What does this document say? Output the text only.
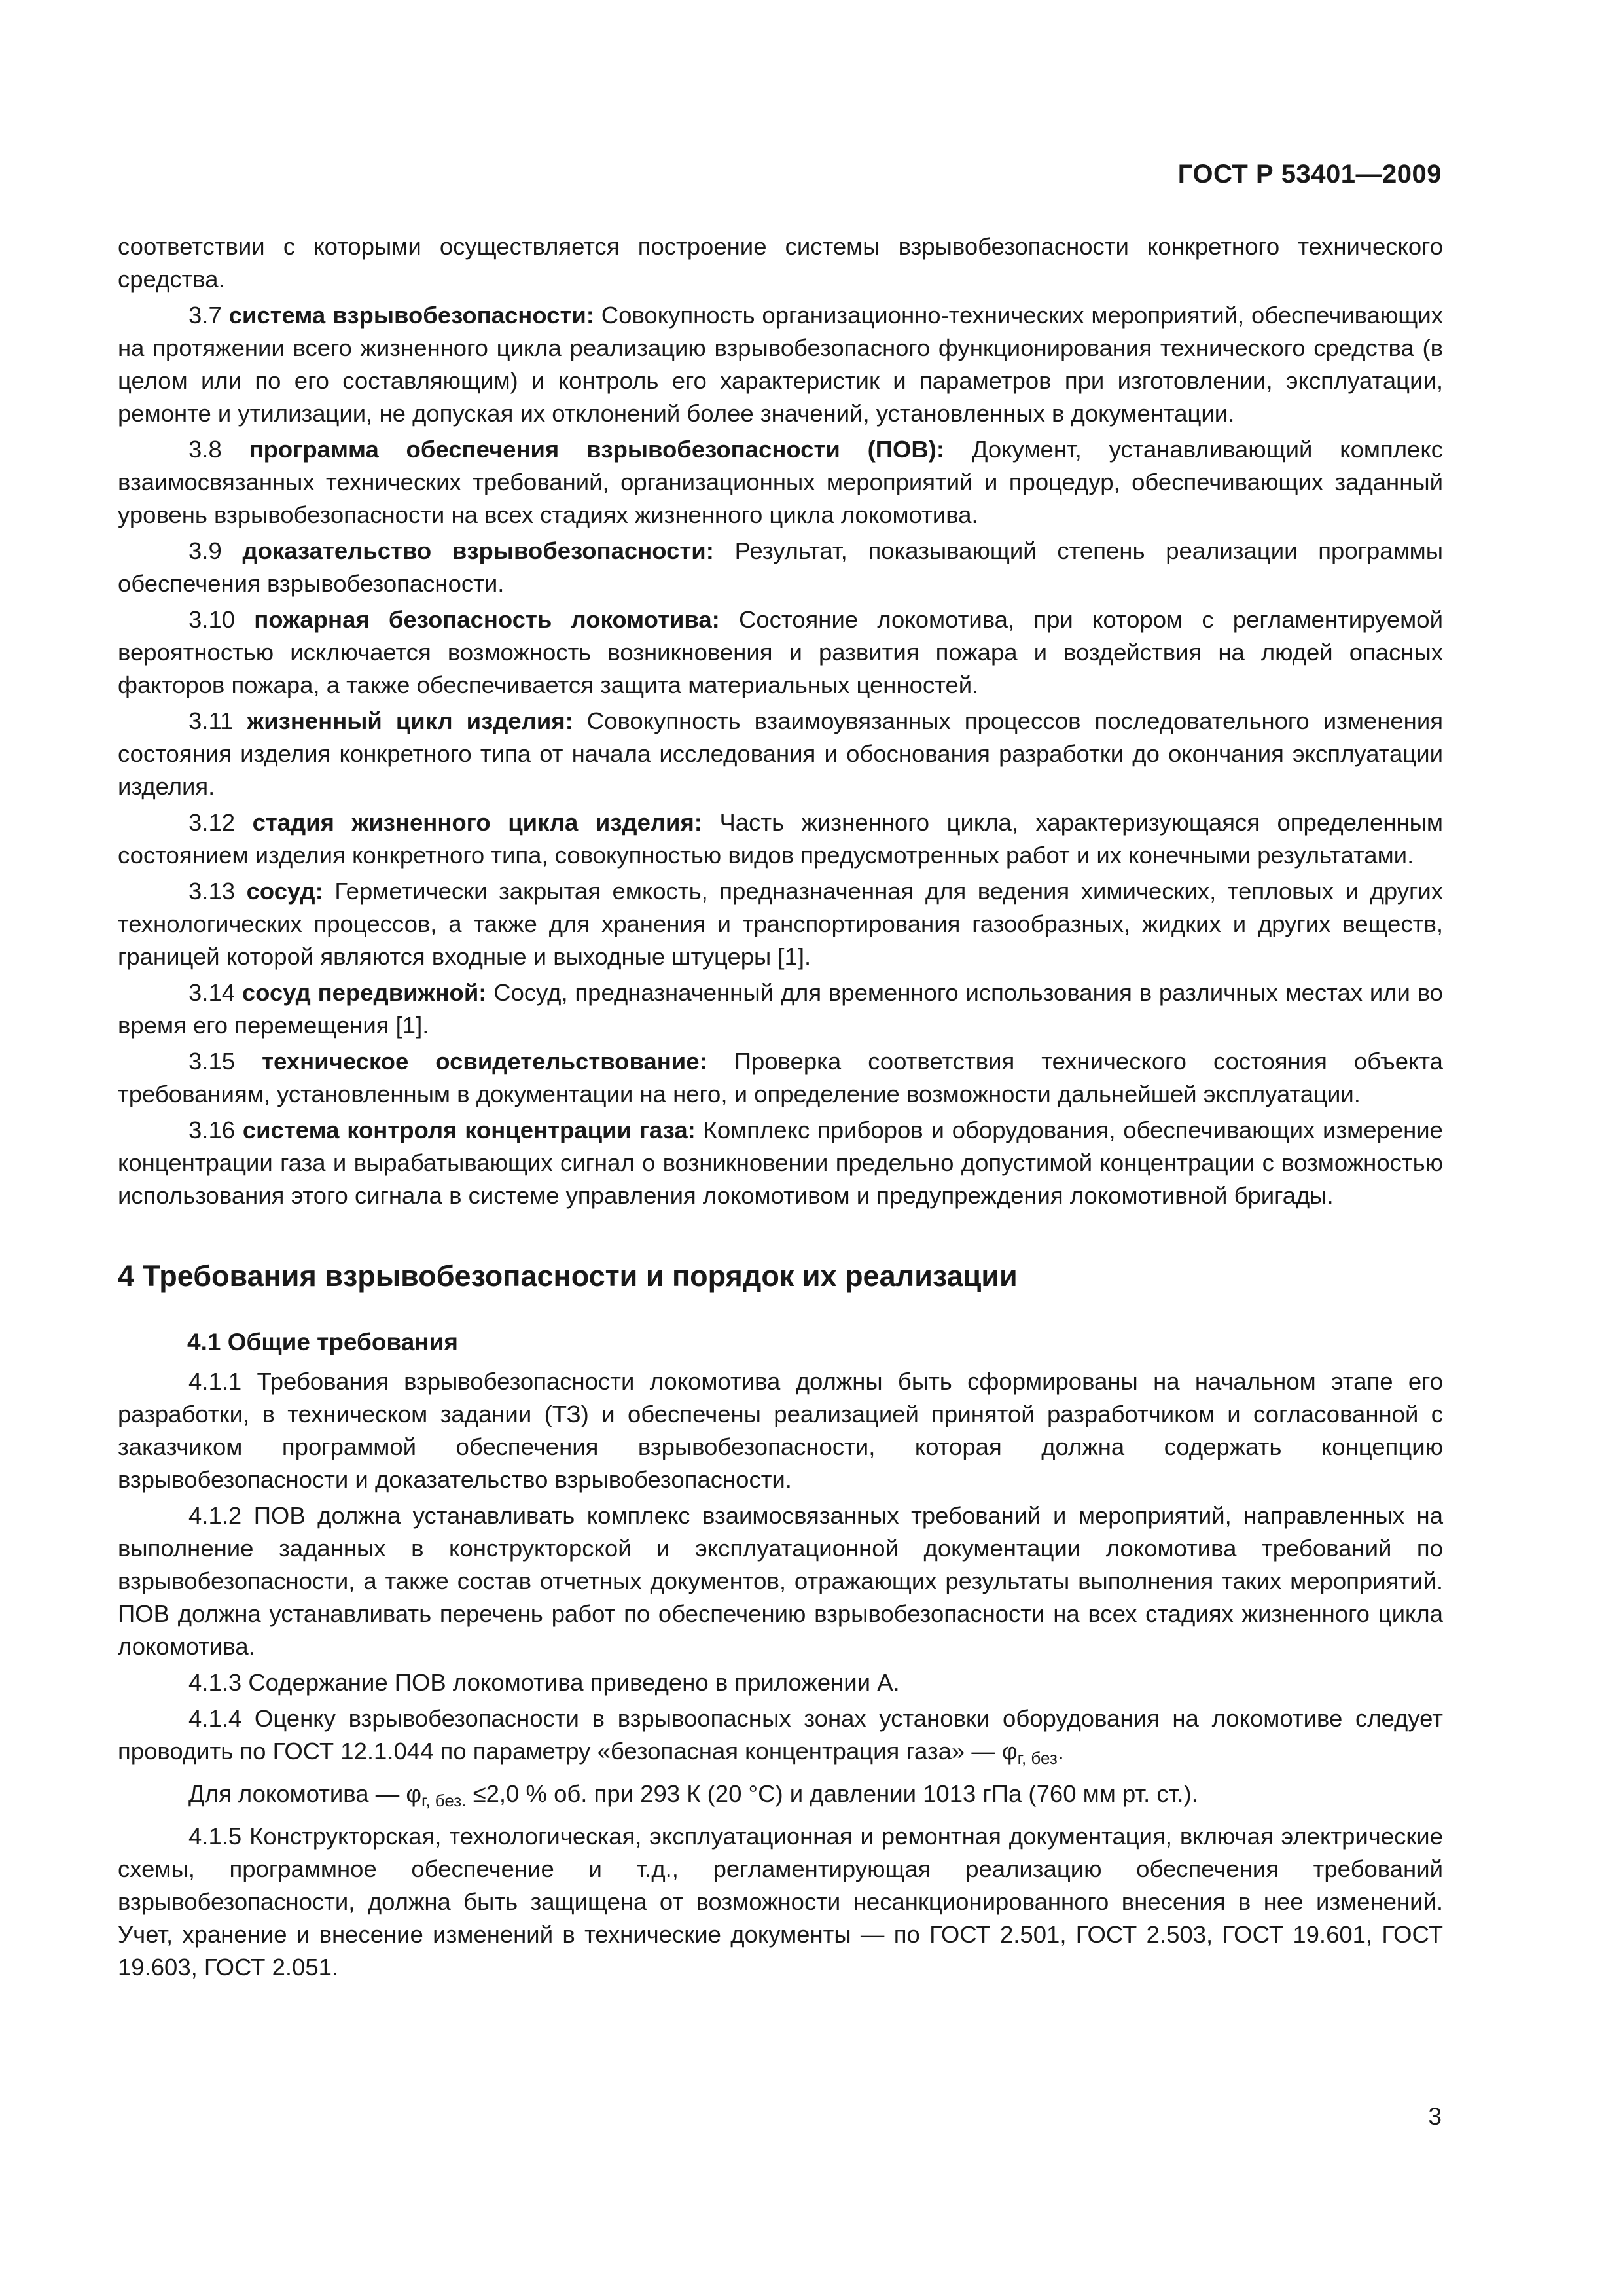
ГОСТ Р 53401—2009

соответствии с которыми осуществляется построение системы взрывобезопасности конкретного технического средства.

3.7 система взрывобезопасности: Совокупность организационно-технических мероприятий, обеспечивающих на протяжении всего жизненного цикла реализацию взрывобезопасного функционирования технического средства (в целом или по его составляющим) и контроль его характеристик и параметров при изготовлении, эксплуатации, ремонте и утилизации, не допуская их отклонений более значений, установленных в документации.

3.8 программа обеспечения взрывобезопасности (ПОВ): Документ, устанавливающий комплекс взаимосвязанных технических требований, организационных мероприятий и процедур, обеспечивающих заданный уровень взрывобезопасности на всех стадиях жизненного цикла локомотива.

3.9 доказательство взрывобезопасности: Результат, показывающий степень реализации программы обеспечения взрывобезопасности.

3.10 пожарная безопасность локомотива: Состояние локомотива, при котором с регламентируемой вероятностью исключается возможность возникновения и развития пожара и воздействия на людей опасных факторов пожара, а также обеспечивается защита материальных ценностей.

3.11 жизненный цикл изделия: Совокупность взаимоувязанных процессов последовательного изменения состояния изделия конкретного типа от начала исследования и обоснования разработки до окончания эксплуатации изделия.

3.12 стадия жизненного цикла изделия: Часть жизненного цикла, характеризующаяся определенным состоянием изделия конкретного типа, совокупностью видов предусмотренных работ и их конечными результатами.

3.13 сосуд: Герметически закрытая емкость, предназначенная для ведения химических, тепловых и других технологических процессов, а также для хранения и транспортирования газообразных, жидких и других веществ, границей которой являются входные и выходные штуцеры [1].

3.14 сосуд передвижной: Сосуд, предназначенный для временного использования в различных местах или во время его перемещения [1].

3.15 техническое освидетельствование: Проверка соответствия технического состояния объекта требованиям, установленным в документации на него, и определение возможности дальнейшей эксплуатации.

3.16 система контроля концентрации газа: Комплекс приборов и оборудования, обеспечивающих измерение концентрации газа и вырабатывающих сигнал о возникновении предельно допустимой концентрации с возможностью использования этого сигнала в системе управления локомотивом и предупреждения локомотивной бригады.

4 Требования взрывобезопасности и порядок их реализации
4.1 Общие требования

4.1.1 Требования взрывобезопасности локомотива должны быть сформированы на начальном этапе его разработки, в техническом задании (ТЗ) и обеспечены реализацией принятой разработчиком и согласованной с заказчиком программой обеспечения взрывобезопасности, которая должна содержать концепцию взрывобезопасности и доказательство взрывобезопасности.

4.1.2 ПОВ должна устанавливать комплекс взаимосвязанных требований и мероприятий, направленных на выполнение заданных в конструкторской и эксплуатационной документации локомотива требований по взрывобезопасности, а также состав отчетных документов, отражающих результаты выполнения таких мероприятий. ПОВ должна устанавливать перечень работ по обеспечению взрывобезопасности на всех стадиях жизненного цикла локомотива.

4.1.3 Содержание ПОВ локомотива приведено в приложении А.

4.1.4 Оценку взрывобезопасности в взрывоопасных зонах установки оборудования на локомотиве следует проводить по ГОСТ 12.1.044 по параметру «безопасная концентрация газа» — $\varphi_{г, без}$.

Для локомотива — $\varphi_{г, без.} \le 2,0$ % об. при 293 К (20 °С) и давлении 1013 гПа (760 мм рт. ст.).

4.1.5 Конструкторская, технологическая, эксплуатационная и ремонтная документация, включая электрические схемы, программное обеспечение и т.д., регламентирующая реализацию обеспечения требований взрывобезопасности, должна быть защищена от возможности несанкционированного внесения в нее изменений. Учет, хранение и внесение изменений в технические документы — по ГОСТ 2.501, ГОСТ 2.503, ГОСТ 19.601, ГОСТ 19.603, ГОСТ 2.051.

3
